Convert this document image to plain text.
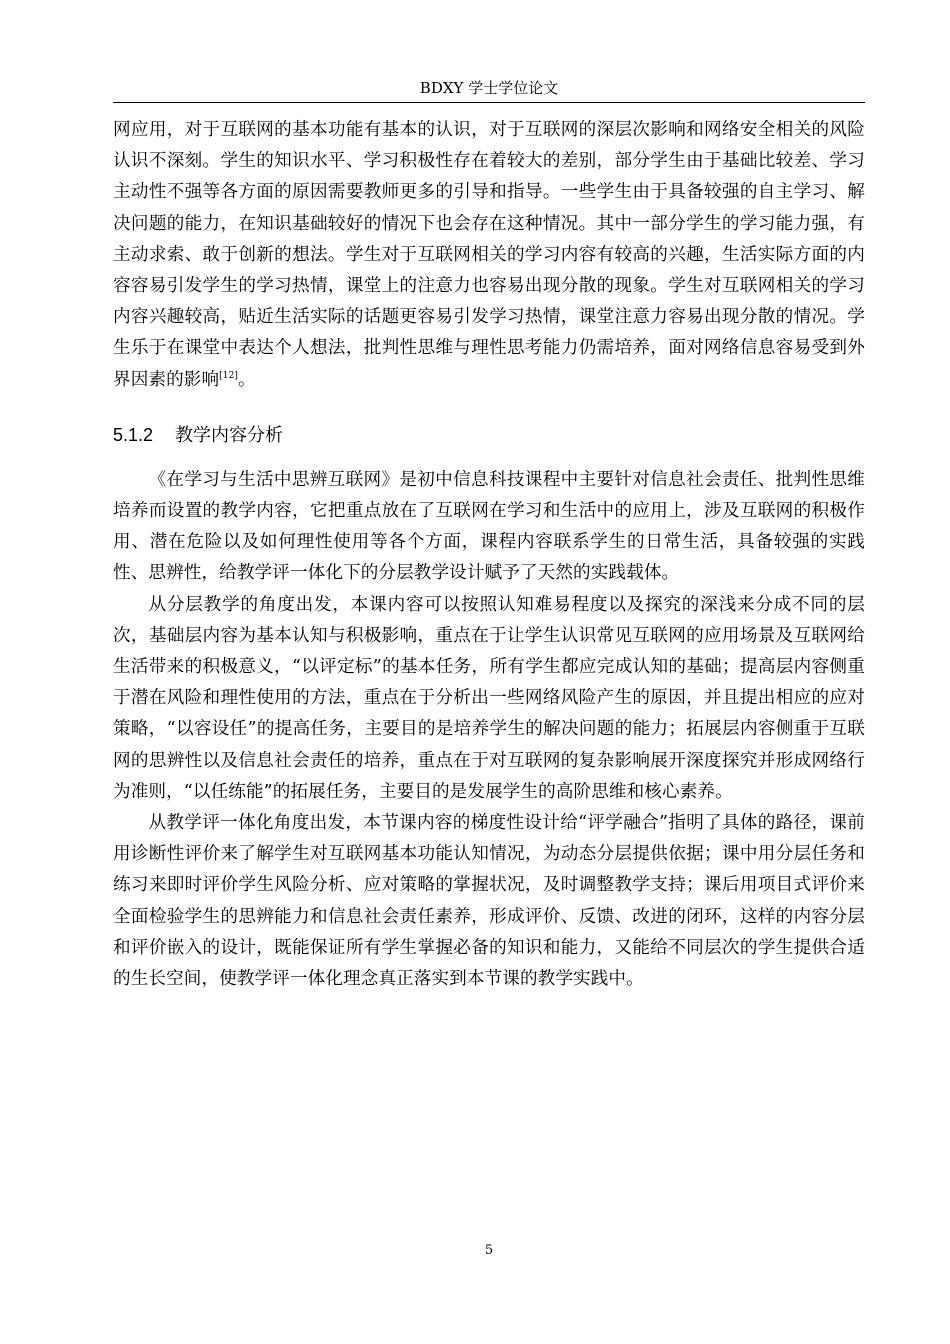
BDXY 学士学位论文

网应用，对于互联网的基本功能有基本的认识，对于互联网的深层次影响和网络安全相关的风险认识不深刻。学生的知识水平、学习积极性存在着较大的差别，部分学生由于基础比较差、学习主动性不强等各方面的原因需要教师更多的引导和指导。一些学生由于具备较强的自主学习、解决问题的能力，在知识基础较好的情况下也会存在这种情况。其中一部分学生的学习能力强，有主动求索、敢于创新的想法。学生对于互联网相关的学习内容有较高的兴趣，生活实际方面的内容容易引发学生的学习热情，课堂上的注意力也容易出现分散的现象。学生对互联网相关的学习内容兴趣较高，贴近生活实际的话题更容易引发学习热情，课堂注意力容易出现分散的情况。学生乐于在课堂中表达个人想法，批判性思维与理性思考能力仍需培养，面对网络信息容易受到外界因素的影响[12]。

5.1.2 教学内容分析

《在学习与生活中思辨互联网》是初中信息科技课程中主要针对信息社会责任、批判性思维培养而设置的教学内容，它把重点放在了互联网在学习和生活中的应用上，涉及互联网的积极作用、潜在危险以及如何理性使用等各个方面，课程内容联系学生的日常生活，具备较强的实践性、思辨性，给教学评一体化下的分层教学设计赋予了天然的实践载体。

从分层教学的角度出发，本课内容可以按照认知难易程度以及探究的深浅来分成不同的层次，基础层内容为基本认知与积极影响，重点在于让学生认识常见互联网的应用场景及互联网给生活带来的积极意义，“以评定标”的基本任务，所有学生都应完成认知的基础；提高层内容侧重于潜在风险和理性使用的方法，重点在于分析出一些网络风险产生的原因，并且提出相应的应对策略，“以容设任”的提高任务，主要目的是培养学生的解决问题的能力；拓展层内容侧重于互联网的思辨性以及信息社会责任的培养，重点在于对互联网的复杂影响展开深度探究并形成网络行为准则，“以任练能”的拓展任务，主要目的是发展学生的高阶思维和核心素养。

从教学评一体化角度出发，本节课内容的梯度性设计给“评学融合”指明了具体的路径，课前用诊断性评价来了解学生对互联网基本功能认知情况，为动态分层提供依据；课中用分层任务和练习来即时评价学生风险分析、应对策略的掌握状况，及时调整教学支持；课后用项目式评价来全面检验学生的思辨能力和信息社会责任素养，形成评价、反馈、改进的闭环，这样的内容分层和评价嵌入的设计，既能保证所有学生掌握必备的知识和能力，又能给不同层次的学生提供合适的生长空间，使教学评一体化理念真正落实到本节课的教学实践中。

5
